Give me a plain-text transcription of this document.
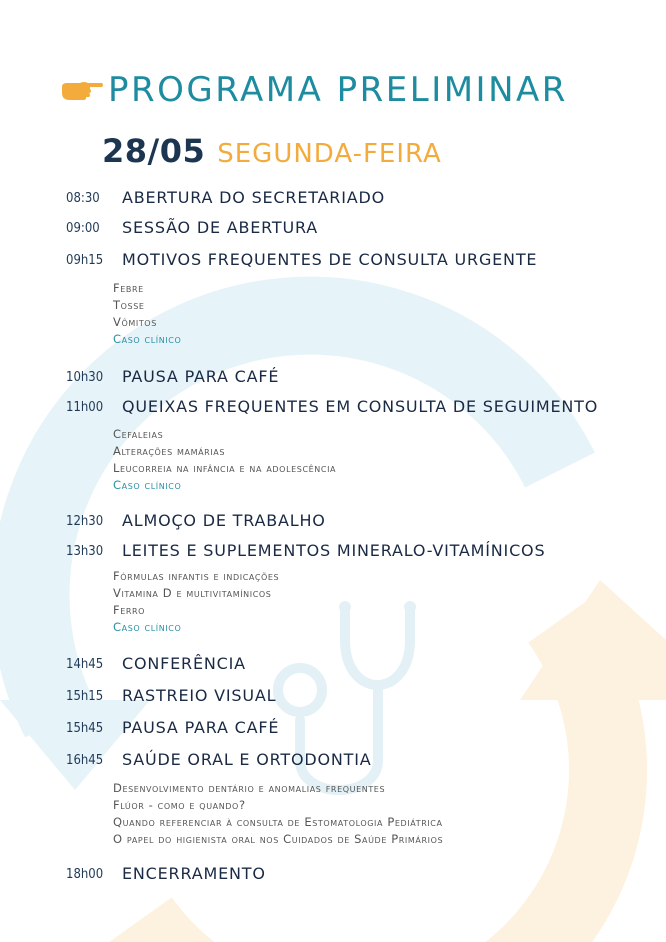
PROGRAMA PRELIMINAR
28/05 SEGUNDA-FEIRA
08:30 ABERTURA DO SECRETARIADO
09:00 SESSÃO DE ABERTURA
09h15 MOTIVOS FREQUENTES DE CONSULTA URGENTE
Febre
Tosse
Vômitos
Caso clínico
10h30 PAUSA PARA CAFÉ
11h00 QUEIXAS FREQUENTES EM CONSULTA DE SEGUIMENTO
Cefaleias
Alterações mamárias
Leucorreia na infância e na adolescência
Caso clínico
12h30 ALMOÇO DE TRABALHO
13h30 LEITES E SUPLEMENTOS MINERALO-VITAMÍNICOS
Fórmulas infantis e indicações
Vitamina D e multivitamínicos
Ferro
Caso clínico
14h45 CONFERÊNCIA
15h15 RASTREIO VISUAL
15h45 PAUSA PARA CAFÉ
16h45 SAÚDE ORAL E ORTODONTIA
Desenvolvimento dentário e anomalias frequentes
Flúor - como e quando?
Quando referenciar à consulta de Estomatologia Pediátrica
O papel do higienista oral nos Cuidados de Saúde Primários
18h00 ENCERRAMENTO
